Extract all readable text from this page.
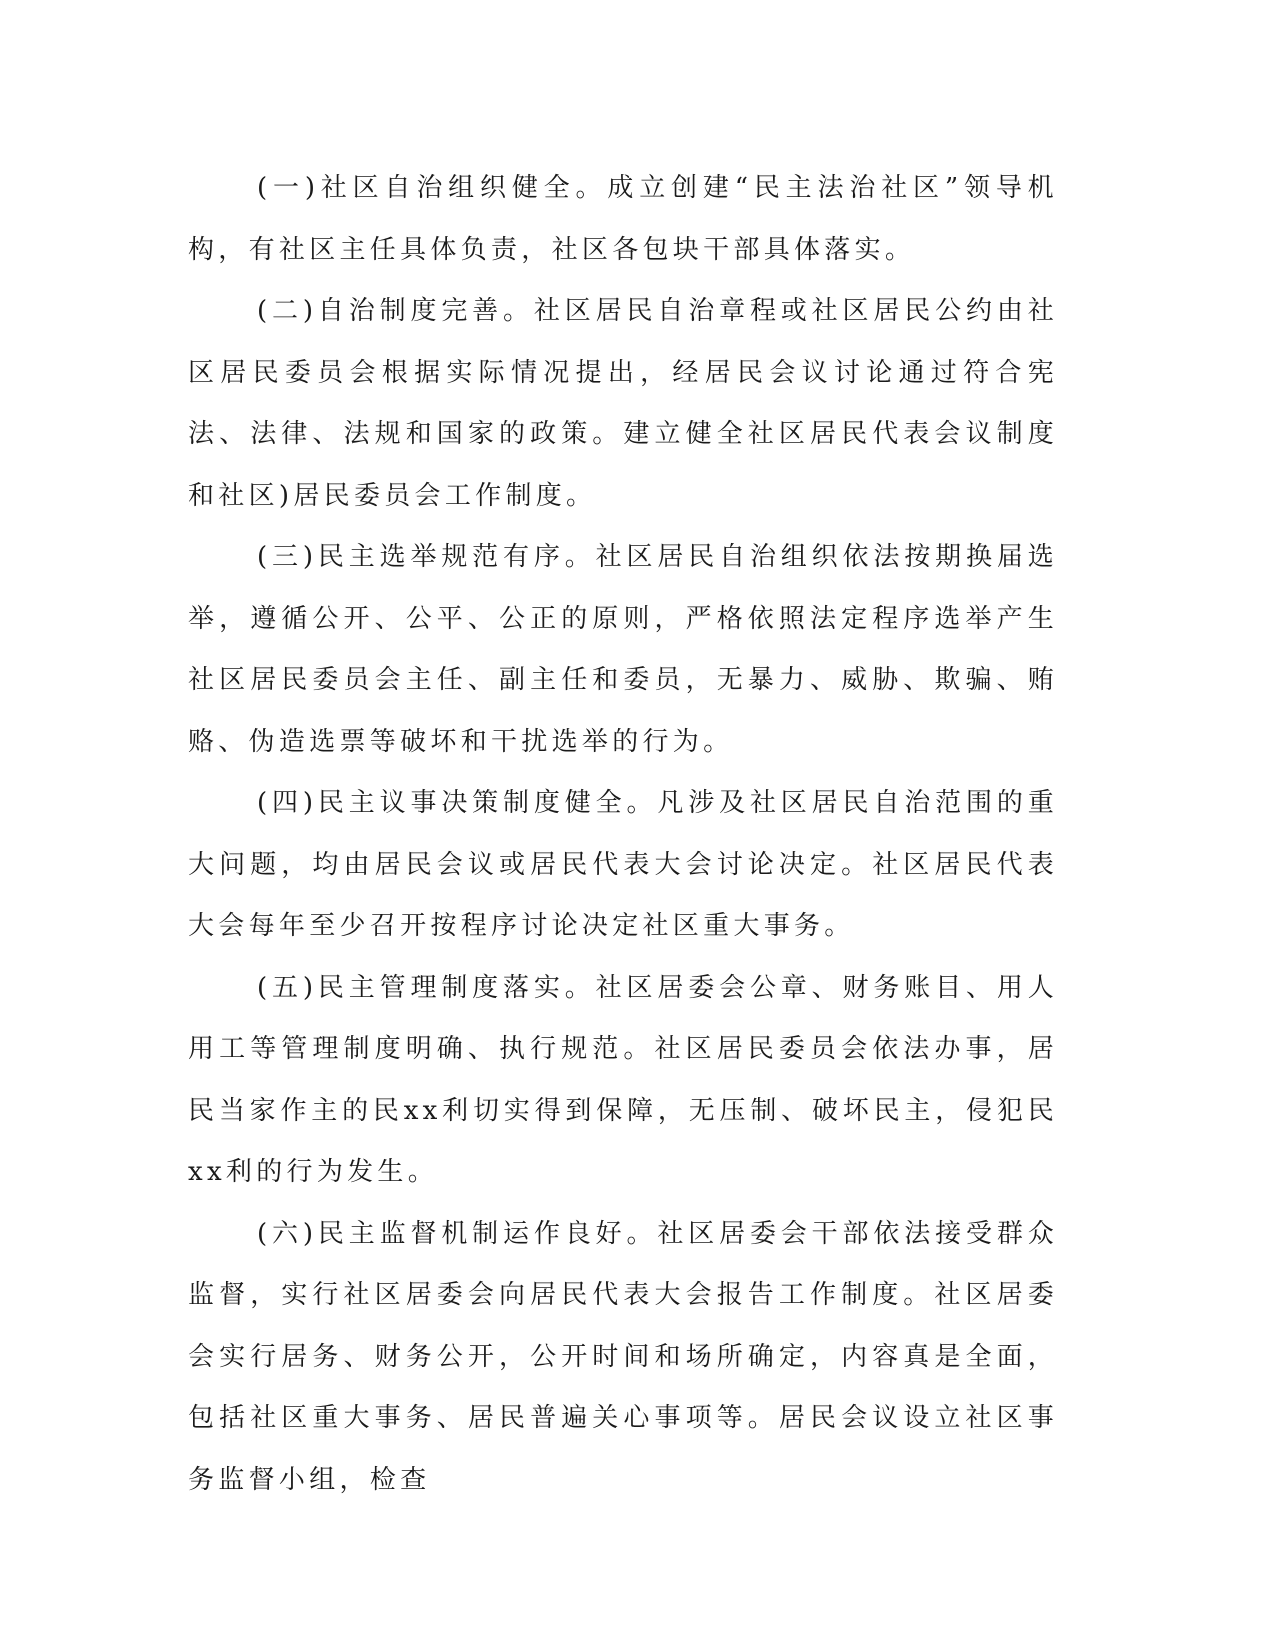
(一)社区自治组织健全。成立创建“民主法治社区”领导机构，有社区主任具体负责，社区各包块干部具体落实。

(二)自治制度完善。社区居民自治章程或社区居民公约由社区居民委员会根据实际情况提出，经居民会议讨论通过符合宪法、法律、法规和国家的政策。建立健全社区居民代表会议制度和社区)居民委员会工作制度。

(三)民主选举规范有序。社区居民自治组织依法按期换届选举，遵循公开、公平、公正的原则，严格依照法定程序选举产生社区居民委员会主任、副主任和委员，无暴力、威胁、欺骗、贿赂、伪造选票等破坏和干扰选举的行为。

(四)民主议事决策制度健全。凡涉及社区居民自治范围的重大问题，均由居民会议或居民代表大会讨论决定。社区居民代表大会每年至少召开按程序讨论决定社区重大事务。

(五)民主管理制度落实。社区居委会公章、财务账目、用人用工等管理制度明确、执行规范。社区居民委员会依法办事，居民当家作主的民xx利切实得到保障，无压制、破坏民主，侵犯民xx利的行为发生。

(六)民主监督机制运作良好。社区居委会干部依法接受群众监督，实行社区居委会向居民代表大会报告工作制度。社区居委会实行居务、财务公开，公开时间和场所确定，内容真是全面，包括社区重大事务、居民普遍关心事项等。居民会议设立社区事务监督小组，检查
